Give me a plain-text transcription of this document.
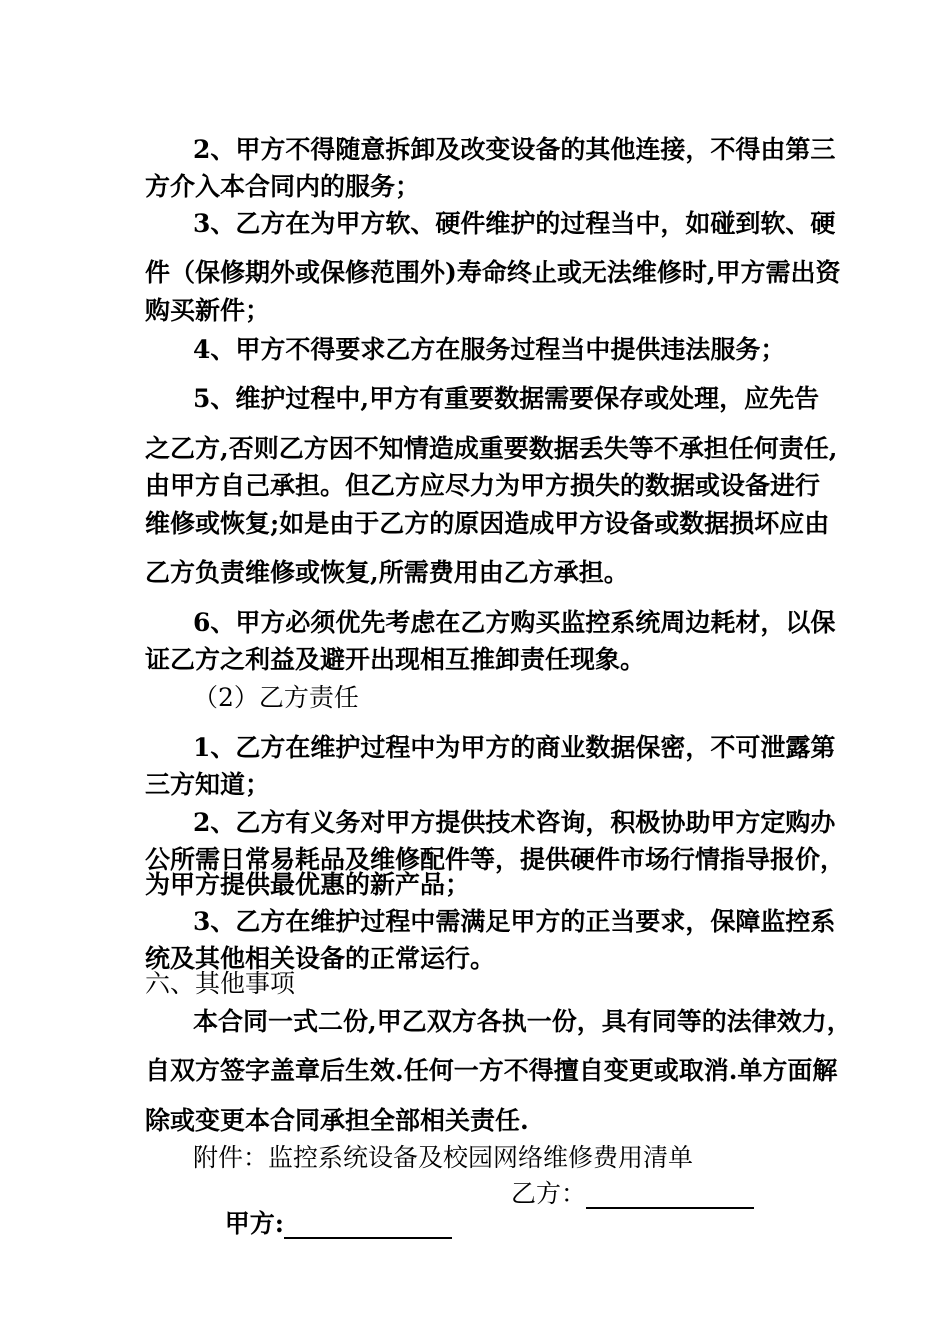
2、甲方不得随意拆卸及改变设备的其他连接，不得由第三

方介入本合同内的服务；

3、乙方在为甲方软、硬件维护的过程当中，如碰到软、硬

件（保修期外或保修范围外)寿命终止或无法维修时,甲方需出资

购买新件；

4、甲方不得要求乙方在服务过程当中提供违法服务；

5、维护过程中,甲方有重要数据需要保存或处理，应先告

之乙方,否则乙方因不知情造成重要数据丢失等不承担任何责任,

由甲方自己承担。但乙方应尽力为甲方损失的数据或设备进行

维修或恢复;如是由于乙方的原因造成甲方设备或数据损坏应由

乙方负责维修或恢复,所需费用由乙方承担。

6、甲方必须优先考虑在乙方购买监控系统周边耗材，以保

证乙方之利益及避开出现相互推卸责任现象。

（2）乙方责任

1、乙方在维护过程中为甲方的商业数据保密，不可泄露第

三方知道；

2、乙方有义务对甲方提供技术咨询，积极协助甲方定购办

公所需日常易耗品及维修配件等，提供硬件市场行情指导报价，

为甲方提供最优惠的新产品；

3、乙方在维护过程中需满足甲方的正当要求，保障监控系

统及其他相关设备的正常运行。

六、其他事项

本合同一式二份,甲乙双方各执一份，具有同等的法律效力，

自双方签字盖章后生效.任何一方不得擅自变更或取消.单方面解

除或变更本合同承担全部相关责任.

附件：监控系统设备及校园网络维修费用清单

甲方:

乙方：
